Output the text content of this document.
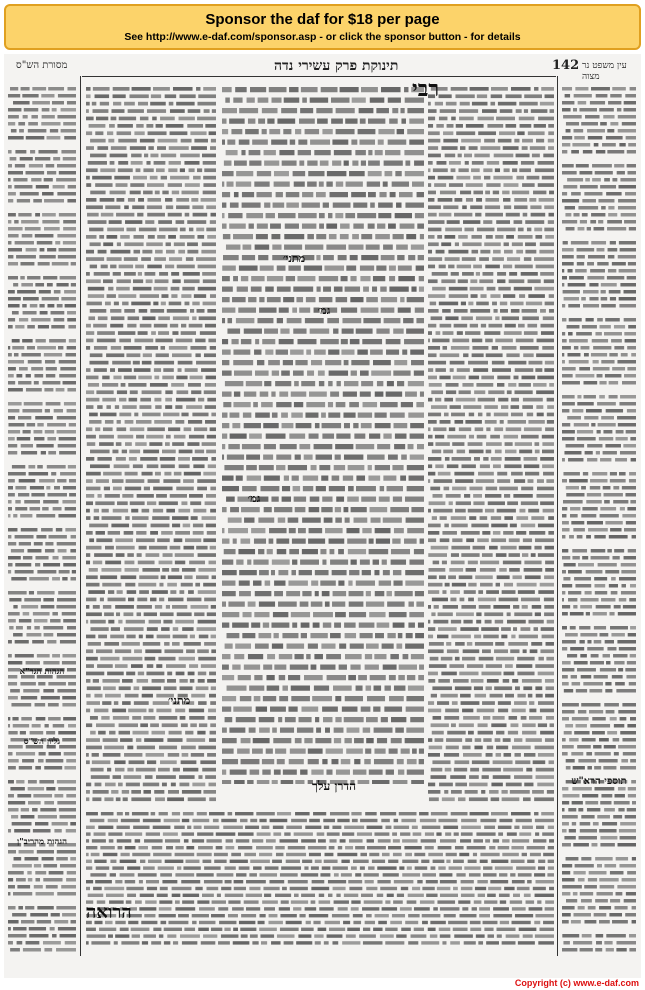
Sponsor the daf for $18 per page
See http://www.e-daf.com/sponsor.asp - or click the sponsor button - for details
מסורת הש"ס	תינוקת פרק עשירי נדה	142 עין משפט נר מצוה
רבי
מתני׳
גמ׳
מתני׳
גמ׳
הדרן עלך
הרואה
הגהות הגר"א
גליון הש"ס
הגהות מהריב"ן
תוספי הרא"ש
Copyright (c) www.e-daf.com
